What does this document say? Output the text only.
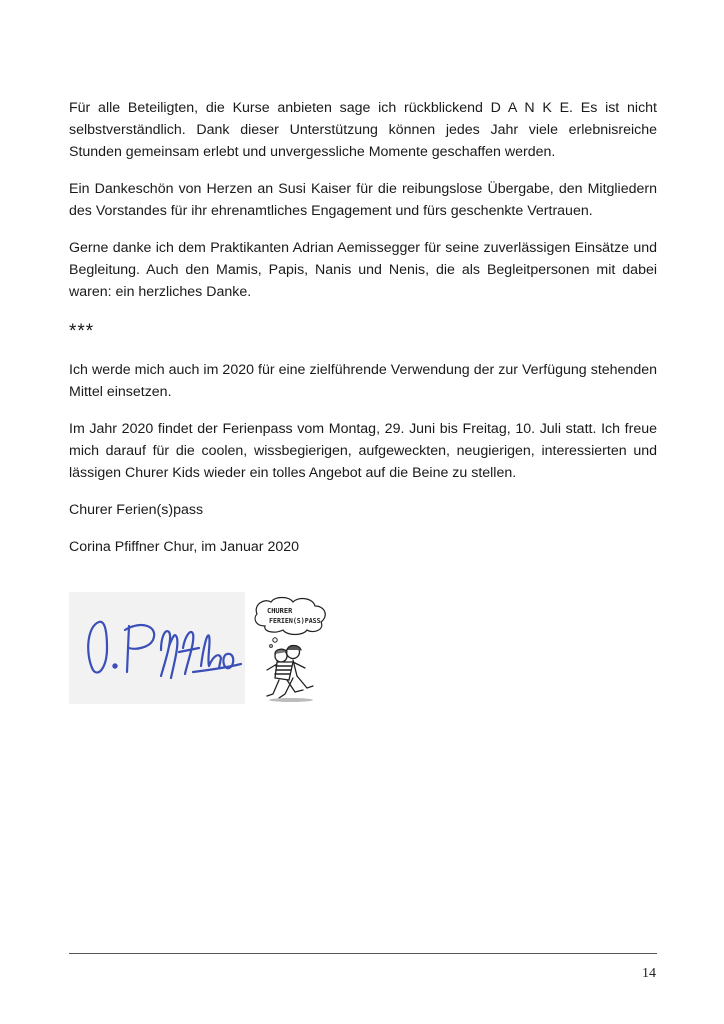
Für alle Beteiligten, die Kurse anbieten sage ich rückblickend D A N K E. Es ist nicht selbstverständlich. Dank dieser Unterstützung können jedes Jahr viele erlebnisreiche Stunden gemeinsam erlebt und unvergessliche Momente geschaffen werden.

Ein Dankeschön von Herzen an Susi Kaiser für die reibungslose Übergabe, den Mitgliedern des Vorstandes für ihr ehrenamtliches Engagement und fürs geschenkte Vertrauen.

Gerne danke ich dem Praktikanten Adrian Aemissegger für seine zuverlässigen Einsätze und Begleitung. Auch den Mamis, Papis, Nanis und Nenis, die als Begleitpersonen mit dabei waren: ein herzliches Danke.

***

Ich werde mich auch im 2020 für eine zielführende Verwendung der zur Verfügung stehenden Mittel einsetzen.

Im Jahr 2020 findet der Ferienpass vom Montag, 29. Juni bis Freitag, 10. Juli statt. Ich freue mich darauf für die coolen, wissbegierigen, aufgeweckten, neugierigen, interessierten und lässigen Churer Kids wieder ein tolles Angebot auf die Beine zu stellen.

Churer Ferien(s)pass

Corina Pfiffner Chur, im Januar 2020

CHURER
FERIEN(S)PASS
14
